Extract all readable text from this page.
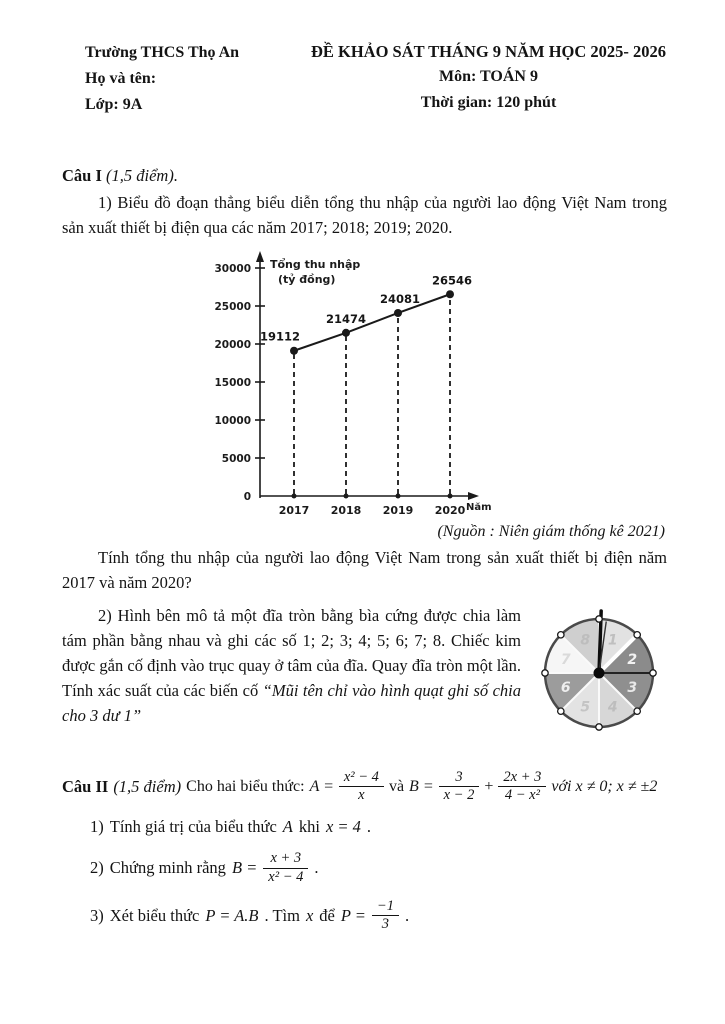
Trường THCS Thọ An
Họ và tên:
Lớp: 9A
ĐỀ KHẢO SÁT THÁNG 9 NĂM HỌC 2025- 2026
Môn: TOÁN 9
Thời gian: 120 phút

Câu I (1,5 điểm).

1) Biểu đồ đoạn thẳng biểu diễn tổng thu nhập của người lao động Việt Nam trong sản xuất thiết bị điện qua các năm 2017; 2018; 2019; 2020.

0
5000
10000
15000
20000
25000
30000 Tổng thu nhập
(tỷ đồng)
2017 2018 2019 2020 Năm
19112
21474
24081
26546

(Nguồn : Niên giám thống kê 2021)

Tính tổng thu nhập của người lao động Việt Nam trong sản xuất thiết bị điện năm 2017 và năm 2020?

1
2
3
4
5
6
7
8

2) Hình bên mô tả một đĩa tròn bằng bìa cứng được chia làm tám phần bằng nhau và ghi các số 1; 2; 3; 4; 5; 6; 7; 8. Chiếc kim được gắn cố định vào trục quay ở tâm của đĩa. Quay đĩa tròn một lần. Tính xác suất của các biến cố “Mũi tên chỉ vào hình quạt ghi số chia cho 3 dư 1”

Câu II (1,5 điểm) Cho hai biểu thức: $A = \frac{\text{x² − 4}}{x}$ và $B = \frac{3}{x - 2} + \frac{2x + 3}{\text{4 − x²}}$ với x ≠ 0; x ≠ ±2
1) Tính giá trị của biểu thức A khi x = 4 .
2) Chứng minh rằng $B = \frac{x + 3}{\text{x² − 4}}$ .
3) Xét biểu thức P = A.B . Tìm x để $P = \frac{-1}{3}$ .
